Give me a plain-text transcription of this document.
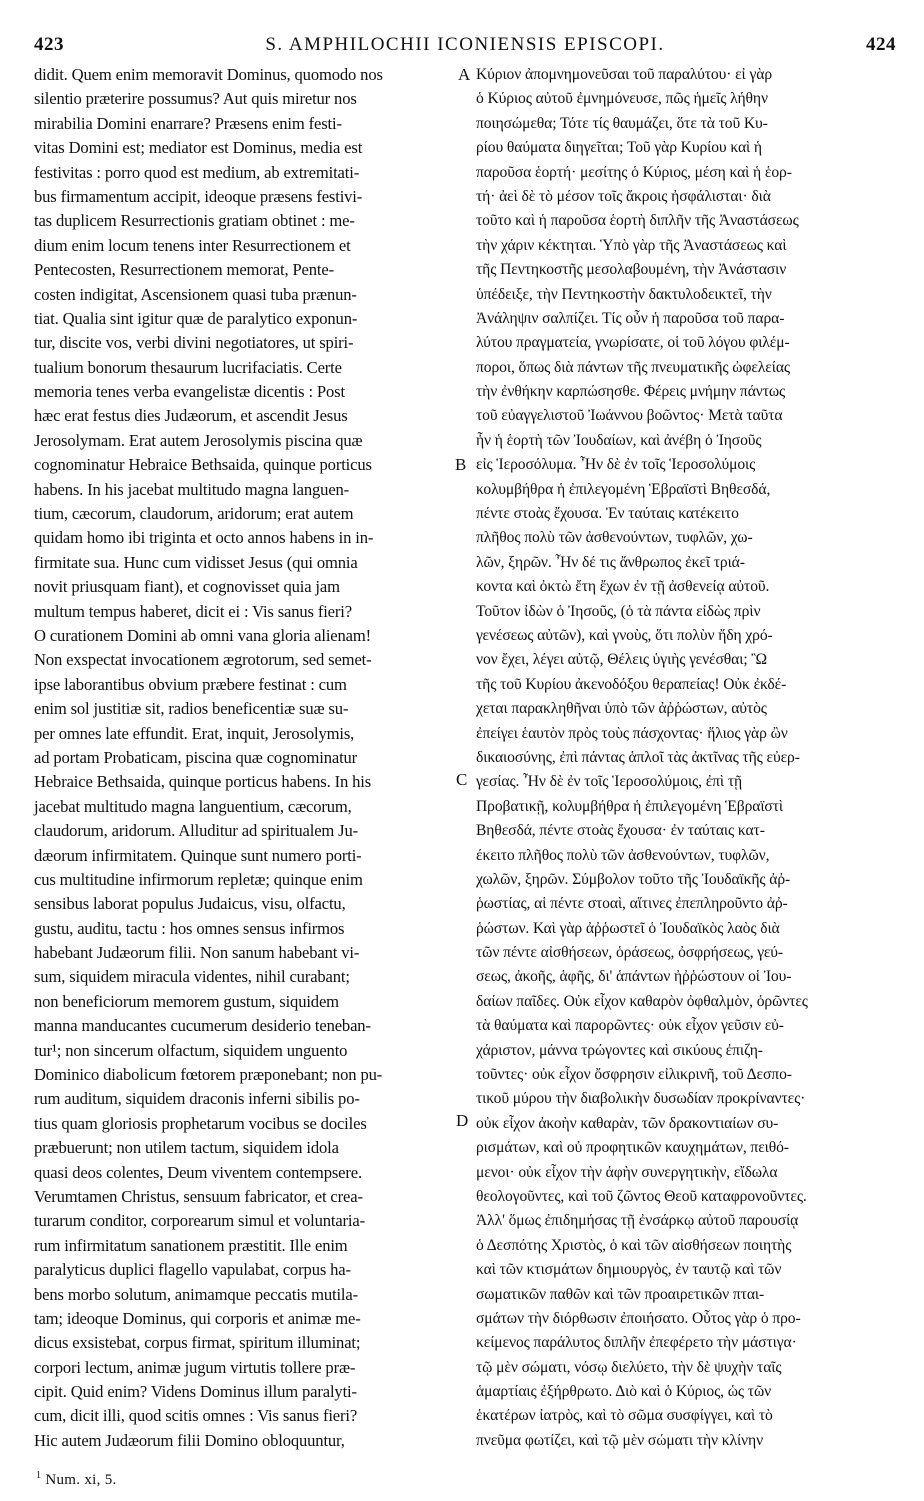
423	S. AMPHILOCHII ICONIENSIS EPISCOPI.	424
didit. Quem enim memoravit Dominus, quomodo nos
silentio præterire possumus? Aut quis miretur nos
mirabilia Domini enarrare? Præsens enim festi-
vitas Domini est; mediator est Dominus, media est
festivitas : porro quod est medium, ab extremitati-
bus firmamentum accipit, ideoque præsens festivi-
tas duplicem Resurrectionis gratiam obtinet : me-
dium enim locum tenens inter Resurrectionem et
Pentecosten, Resurrectionem memorat, Pente-
costen indigitat, Ascensionem quasi tuba prænun-
tiat. Qualia sint igitur quæ de paralytico exponun-
tur, discite vos, verbi divini negotiatores, ut spiri-
tualium bonorum thesaurum lucrifaciatis. Certe
memoria tenes verba evangelistæ dicentis : Post
hæc erat festus dies Judæorum, et ascendit Jesus
Jerosolymam. Erat autem Jerosolymis piscina quæ
cognominatur Hebraice Bethsaida, quinque porticus
habens. In his jacebat multitudo magna languen-
tium, cæcorum, claudorum, aridorum; erat autem
quidam homo ibi triginta et octo annos habens in in-
firmitate sua. Hunc cum vidisset Jesus (qui omnia
novit priusquam fiant), et cognovisset quia jam
multum tempus haberet, dicit ei : Vis sanus fieri?
O curationem Domini ab omni vana gloria alienam!
Non exspectat invocationem ægrotorum, sed semet-
ipse laborantibus obvium præbere festinat : cum
enim sol justitiæ sit, radios beneficentiæ suæ su-
per omnes late effundit. Erat, inquit, Jerosolymis,
ad portam Probaticam, piscina quæ cognominatur
Hebraice Bethsaida, quinque porticus habens. In his
jacebat multitudo magna languentium, cæcorum,
claudorum, aridorum. Alluditur ad spiritualem Ju-
dæorum infirmitatem. Quinque sunt numero porti-
cus multitudine infirmorum repletæ; quinque enim
sensibus laborat populus Judaicus, visu, olfactu,
gustu, auditu, tactu : hos omnes sensus infirmos
habebant Judæorum filii. Non sanum habebant vi-
sum, siquidem miracula videntes, nihil curabant;
non beneficiorum memorem gustum, siquidem
manna manducantes cucumerum desiderio teneban-
tur¹; non sincerum olfactum, siquidem unguento
Dominico diabolicum fœtorem præponebant; non pu-
rum auditum, siquidem draconis inferni sibilis po-
tius quam gloriosis prophetarum vocibus se dociles
præbuerunt; non utilem tactum, siquidem idola
quasi deos colentes, Deum viventem contempsere.
Verumtamen Christus, sensuum fabricator, et crea-
turarum conditor, corporearum simul et voluntaria-
rum infirmitatum sanationem præstitit. Ille enim
paralyticus duplici flagello vapulabat, corpus ha-
bens morbo solutum, animamque peccatis mutila-
tam; ideoque Dominus, qui corporis et animæ me-
dicus exsistebat, corpus firmat, spiritum illuminat;
corpori lectum, animæ jugum virtutis tollere præ-
cipit. Quid enim? Videns Dominus illum paralyti-
cum, dicit illi, quod scitis omnes : Vis sanus fieri?
Hic autem Judæorum filii Domino obloquuntur,
A
B
C
D
Κύριον ἀπομνημονεῦσαι τοῦ παραλύτου· εἰ γὰρ
ὁ Κύριος αὐτοῦ ἐμνημόνευσε, πῶς ἡμεῖς λήθην
ποιησώμεθα; Τότε τίς θαυμάζει, ὅτε τὰ τοῦ Κυ-
ρίου θαύματα διηγεῖται; Τοῦ γὰρ Κυρίου καὶ ἡ
παροῦσα ἑορτή· μεσίτης ὁ Κύριος, μέση καὶ ἡ ἑορ-
τή· ἀεὶ δὲ τὸ μέσον τοῖς ἄκροις ἠσφάλισται· διὰ
τοῦτο καὶ ἡ παροῦσα ἑορτὴ διπλῆν τῆς Ἀναστάσεως
τὴν χάριν κέκτηται. Ὑπὸ γὰρ τῆς Ἀναστάσεως καὶ
τῆς Πεντηκοστῆς μεσολαβουμένη, τὴν Ἀνάστασιν
ὑπέδειξε, τὴν Πεντηκοστὴν δακτυλοδεικτεῖ, τὴν
Ἀνάληψιν σαλπίζει. Τίς οὖν ἡ παροῦσα τοῦ παρα-
λύτου πραγματεία, γνωρίσατε, οἱ τοῦ λόγου φιλέμ-
ποροι, ὅπως διὰ πάντων τῆς πνευματικῆς ὠφελείας
τὴν ἐνθήκην καρπώσησθε. Φέρεις μνήμην πάντως
τοῦ εὐαγγελιστοῦ Ἰωάννου βοῶντος· Μετὰ ταῦτα
ἦν ἡ ἑορτὴ τῶν Ἰουδαίων, καὶ ἀνέβη ὁ Ἰησοῦς
εἰς Ἱεροσόλυμα. Ἦν δὲ ἐν τοῖς Ἱεροσολύμοις
κολυμβήθρα ἡ ἐπιλεγομένη Ἑβραϊστὶ Βηθεσδά,
πέντε στοὰς ἔχουσα. Ἐν ταύταις κατέκειτο
πλῆθος πολὺ τῶν ἀσθενούντων, τυφλῶν, χω-
λῶν, ξηρῶν. Ἦν δέ τις ἄνθρωπος ἐκεῖ τριά-
κοντα καὶ ὀκτὼ ἔτη ἔχων ἐν τῇ ἀσθενείᾳ αὐτοῦ.
Τοῦτον ἰδὼν ὁ Ἰησοῦς, (ὁ τὰ πάντα εἰδὼς πρὶν
γενέσεως αὐτῶν), καὶ γνοὺς, ὅτι πολὺν ἤδη χρό-
νον ἔχει, λέγει αὐτῷ, Θέλεις ὑγιὴς γενέσθαι; Ὢ
τῆς τοῦ Κυρίου ἀκενοδόξου θεραπείας! Οὐκ ἐκδέ-
χεται παρακληθῆναι ὑπὸ τῶν ἀῤῥώστων, αὐτὸς
ἐπείγει ἑαυτὸν πρὸς τοὺς πάσχοντας· ἥλιος γὰρ ὢν
δικαιοσύνης, ἐπὶ πάντας ἁπλοῖ τὰς ἀκτῖνας τῆς εὐερ-
γεσίας. Ἦν δὲ ἐν τοῖς Ἱεροσολύμοις, ἐπὶ τῇ
Προβατικῇ, κολυμβήθρα ἡ ἐπιλεγομένη Ἑβραϊστὶ
Βηθεσδά, πέντε στοὰς ἔχουσα· ἐν ταύταις κατ-
έκειτο πλῆθος πολὺ τῶν ἀσθενούντων, τυφλῶν,
χωλῶν, ξηρῶν. Σύμβολον τοῦτο τῆς Ἰουδαϊκῆς ἀῤ-
ῥωστίας, αἱ πέντε στοαὶ, αἵτινες ἐπεπληροῦντο ἀῤ-
ῥώστων. Καὶ γὰρ ἀῤῥωστεῖ ὁ Ἰουδαϊκὸς λαὸς διὰ
τῶν πέντε αἰσθήσεων, ὁράσεως, ὀσφρήσεως, γεύ-
σεως, ἀκοῆς, ἁφῆς, δι' ἁπάντων ἠῤῥώστουν οἱ Ἰου-
δαίων παῖδες. Οὐκ εἶχον καθαρὸν ὀφθαλμὸν, ὁρῶντες
τὰ θαύματα καὶ παρορῶντες· οὐκ εἶχον γεῦσιν εὐ-
χάριστον, μάννα τρώγοντες καὶ σικύους ἐπιζη-
τοῦντες· οὐκ εἶχον ὄσφρησιν εἰλικρινῆ, τοῦ Δεσπο-
τικοῦ μύρου τὴν διαβολικὴν δυσωδίαν προκρίναντες·
οὐκ εἶχον ἀκοὴν καθαρὰν, τῶν δρακοντιαίων συ-
ρισμάτων, καὶ οὐ προφητικῶν καυχημάτων, πειθό-
μενοι· οὐκ εἶχον τὴν ἁφὴν συνεργητικὴν, εἴδωλα
θεολογοῦντες, καὶ τοῦ ζῶντος Θεοῦ καταφρονοῦντες.
Ἀλλ' ὅμως ἐπιδημήσας τῇ ἐνσάρκῳ αὐτοῦ παρουσίᾳ
ὁ Δεσπότης Χριστὸς, ὁ καὶ τῶν αἰσθήσεων ποιητὴς
καὶ τῶν κτισμάτων δημιουργὸς, ἐν ταυτῷ καὶ τῶν
σωματικῶν παθῶν καὶ τῶν προαιρετικῶν πται-
σμάτων τὴν διόρθωσιν ἐποιήσατο. Οὗτος γὰρ ὁ προ-
κείμενος παράλυτος διπλῆν ἐπεφέρετο τὴν μάστιγα·
τῷ μὲν σώματι, νόσῳ διελύετο, τὴν δὲ ψυχὴν ταῖς
ἁμαρτίαις ἐξήρθρωτο. Διὸ καὶ ὁ Κύριος, ὡς τῶν
ἑκατέρων ἰατρὸς, καὶ τὸ σῶμα συσφίγγει, καὶ τὸ
πνεῦμα φωτίζει, καὶ τῷ μὲν σώματι τὴν κλίνην
$^1$ Num. xi, 5.
